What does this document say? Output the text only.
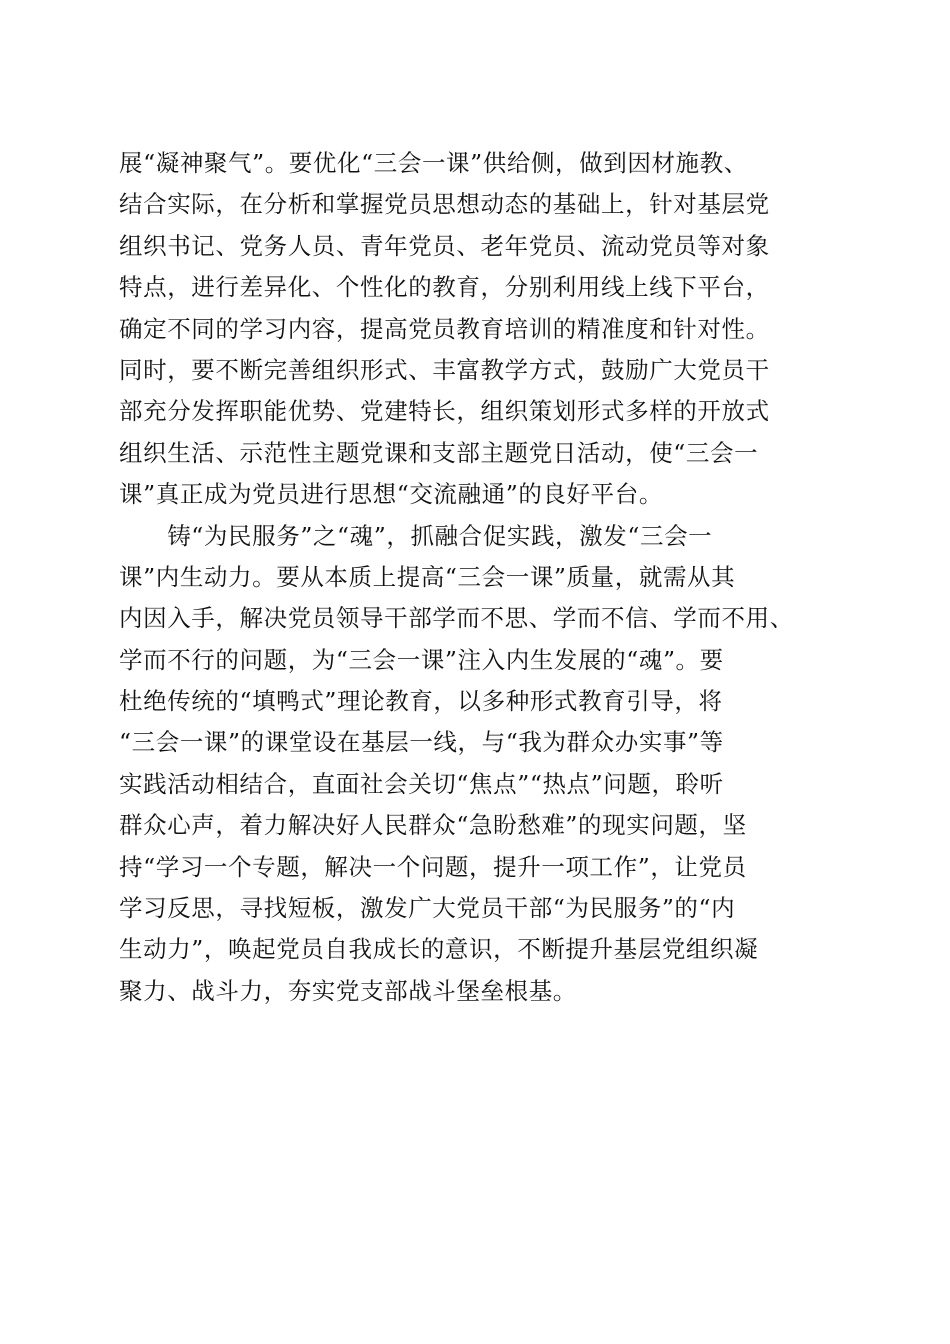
展“凝神聚气”。要优化“三会一课”供给侧，做到因材施教、
结合实际，在分析和掌握党员思想动态的基础上，针对基层党
组织书记、党务人员、青年党员、老年党员、流动党员等对象
特点，进行差异化、个性化的教育，分别利用线上线下平台，
确定不同的学习内容，提高党员教育培训的精准度和针对性。
同时，要不断完善组织形式、丰富教学方式，鼓励广大党员干
部充分发挥职能优势、党建特长，组织策划形式多样的开放式
组织生活、示范性主题党课和支部主题党日活动，使“三会一
课”真正成为党员进行思想“交流融通”的良好平台。
　　铸“为民服务”之“魂”，抓融合促实践，激发“三会一
课”内生动力。要从本质上提高“三会一课”质量，就需从其
内因入手，解决党员领导干部学而不思、学而不信、学而不用、
学而不行的问题，为“三会一课”注入内生发展的“魂”。要
杜绝传统的“填鸭式”理论教育，以多种形式教育引导，将
“三会一课”的课堂设在基层一线，与“我为群众办实事”等
实践活动相结合，直面社会关切“焦点”“热点”问题，聆听
群众心声，着力解决好人民群众“急盼愁难”的现实问题，坚
持“学习一个专题，解决一个问题，提升一项工作”，让党员
学习反思，寻找短板，激发广大党员干部“为民服务”的“内
生动力”，唤起党员自我成长的意识，不断提升基层党组织凝
聚力、战斗力，夯实党支部战斗堡垒根基。
